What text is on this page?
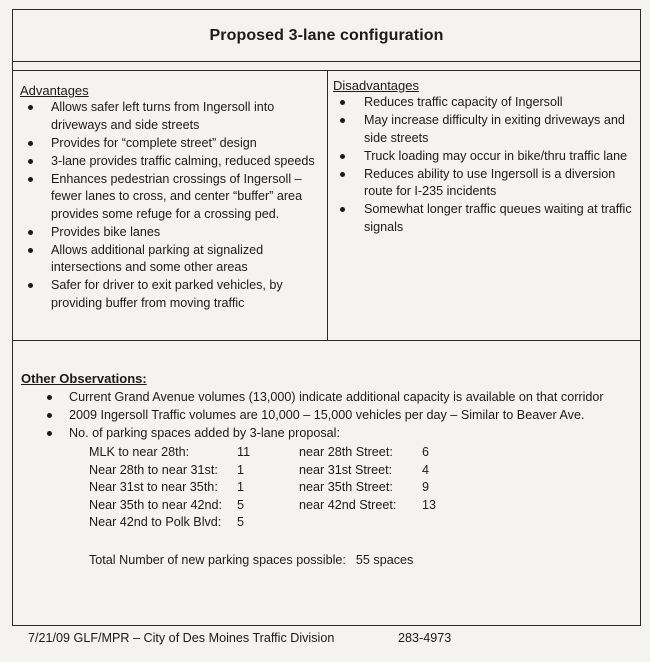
Proposed 3-lane configuration
Advantages
Allows safer left turns from Ingersoll into driveways and side streets
Provides for “complete street” design
3-lane provides traffic calming, reduced speeds
Enhances pedestrian crossings of Ingersoll – fewer lanes to cross, and center “buffer” area provides some refuge for a crossing ped.
Provides bike lanes
Allows additional parking at signalized intersections and some other areas
Safer for driver to exit parked vehicles, by providing buffer from moving traffic
Disadvantages
Reduces traffic capacity of Ingersoll
May increase difficulty in exiting driveways and side streets
Truck loading may occur in bike/thru traffic lane
Reduces ability to use Ingersoll is a diversion route for I-235 incidents
Somewhat longer traffic queues waiting at traffic signals
Other Observations:
Current Grand Avenue volumes (13,000) indicate additional capacity is available on that corridor
2009 Ingersoll Traffic volumes are 10,000 – 15,000 vehicles per day – Similar to Beaver Ave.
No. of parking spaces added by 3-lane proposal:
MLK to near 28th:	11	near 28th Street: 6
Near 28th to near 31st: 1	near 31st Street: 4
Near 31st to near 35th: 1	near 35th Street: 9
Near 35th to near 42nd: 5	near 42nd Street: 13
Near 42nd to Polk Blvd: 5
Total Number of new parking spaces possible: 55 spaces
7/21/09 GLF/MPR – City of Des Moines Traffic Division	283-4973
